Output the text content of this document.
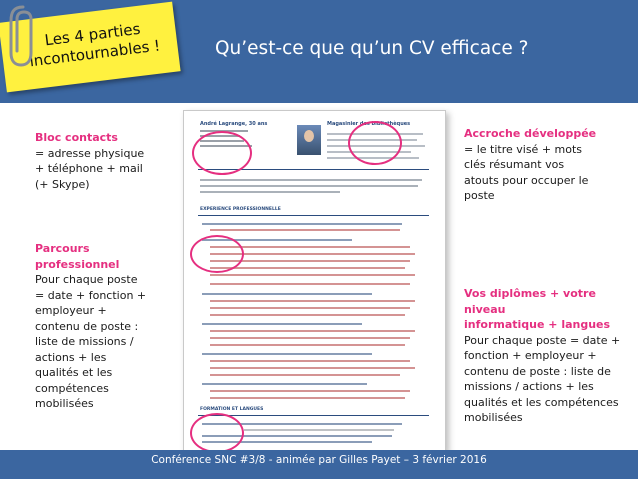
Les 4 parties
incontournables !	Qu’est-ce que qu’un CV efficace ?
André Lagrange, 30 ans	Magasinier des bibliothèques
EXPERIENCE PROFESSIONNELLE
FORMATION ET LANGUES
Bloc contacts
= adresse physique
+ téléphone + mail
(+ Skype)
Parcours
professionnel
Pour chaque poste
= date + fonction +
employeur +
contenu de poste :
liste de missions /
actions + les
qualités et les
compétences
mobilisées
Accroche développée
= le titre visé + mots
clés résumant vos
atouts pour occuper le
poste
Vos diplômes + votre niveau
informatique + langues
Pour chaque poste = date +
fonction + employeur +
contenu de poste : liste de
missions / actions + les
qualités et les compétences
mobilisées
Conférence SNC #3/8 - animée par Gilles Payet – 3 février 2016
